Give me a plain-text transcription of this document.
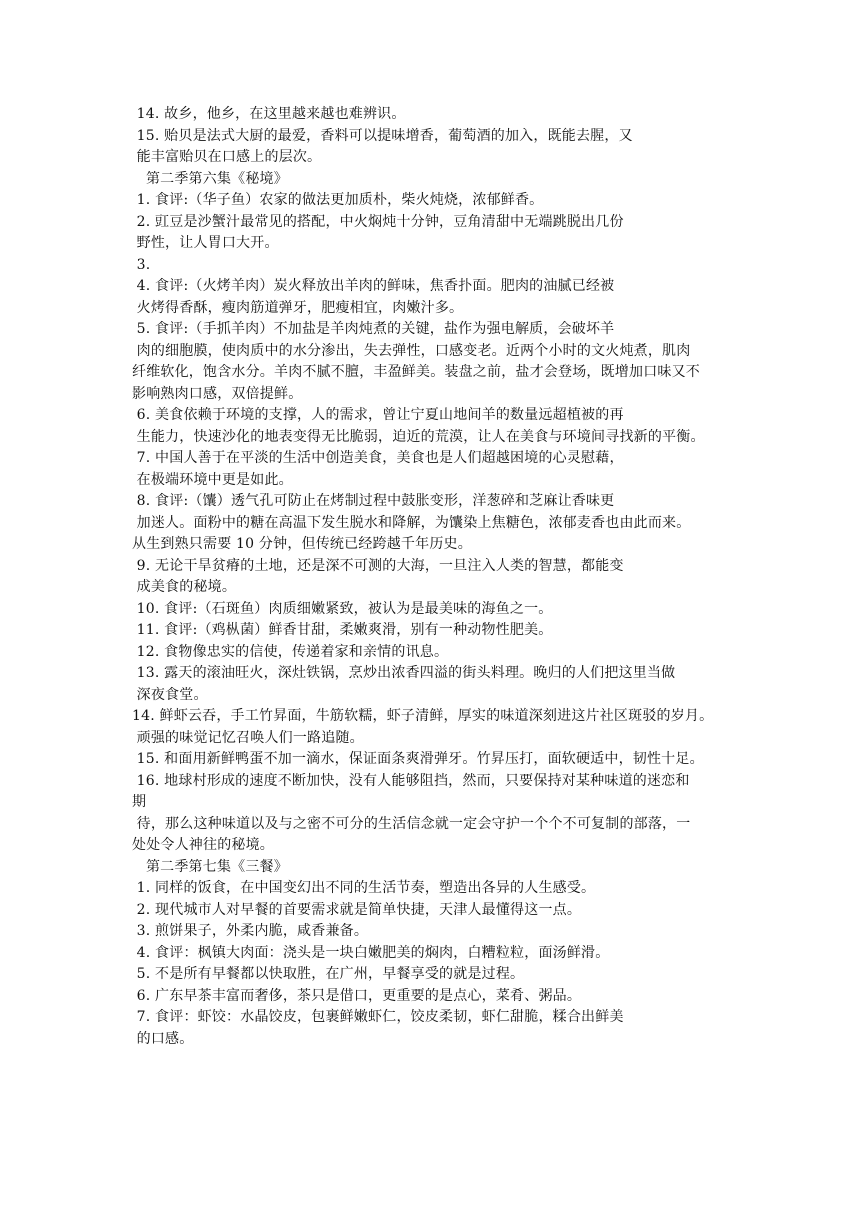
14. 故乡，他乡，在这里越来越也难辨识。
15. 贻贝是法式大厨的最爱，香料可以提味增香，葡萄酒的加入，既能去腥，又
能丰富贻贝在口感上的层次。
第二季第六集《秘境》
1. 食评:（华子鱼）农家的做法更加质朴，柴火炖烧，浓郁鲜香。
2. 豇豆是沙蟹汁最常见的搭配，中火焖炖十分钟，豆角清甜中无端跳脱出几份
野性，让人胃口大开。
3.
4. 食评:（火烤羊肉）炭火释放出羊肉的鲜味，焦香扑面。肥肉的油腻已经被
火烤得香酥，瘦肉筋道弹牙，肥瘦相宜，肉嫩汁多。
5. 食评:（手抓羊肉）不加盐是羊肉炖煮的关键，盐作为强电解质，会破坏羊
肉的细胞膜，使肉质中的水分渗出，失去弹性，口感变老。近两个小时的文火炖煮，肌肉
纤维软化，饱含水分。羊肉不腻不膻，丰盈鲜美。装盘之前，盐才会登场，既增加口味又不
影响熟肉口感，双倍提鲜。
6. 美食依赖于环境的支撑，人的需求，曾让宁夏山地间羊的数量远超植被的再
生能力，快速沙化的地表变得无比脆弱，迫近的荒漠，让人在美食与环境间寻找新的平衡。
7. 中国人善于在平淡的生活中创造美食，美食也是人们超越困境的心灵慰藉，
在极端环境中更是如此。
8. 食评:（馕）透气孔可防止在烤制过程中鼓胀变形，洋葱碎和芝麻让香味更
加迷人。面粉中的糖在高温下发生脱水和降解，为馕染上焦糖色，浓郁麦香也由此而来。
从生到熟只需要 10 分钟，但传统已经跨越千年历史。
9. 无论干旱贫瘠的土地，还是深不可测的大海，一旦注入人类的智慧，都能变
成美食的秘境。
10. 食评:（石斑鱼）肉质细嫩紧致，被认为是最美味的海鱼之一。
11. 食评:（鸡枞菌）鲜香甘甜，柔嫩爽滑，别有一种动物性肥美。
12. 食物像忠实的信使，传递着家和亲情的讯息。
13. 露天的滚油旺火，深灶铁锅，烹炒出浓香四溢的街头料理。晚归的人们把这里当做
深夜食堂。
14. 鲜虾云吞，手工竹昇面，牛筋软糯，虾子清鲜，厚实的味道深刻进这片社区斑驳的岁月。
顽强的味觉记忆召唤人们一路追随。
15. 和面用新鲜鸭蛋不加一滴水，保证面条爽滑弹牙。竹昇压打，面软硬适中，韧性十足。
16. 地球村形成的速度不断加快，没有人能够阻挡，然而，只要保持对某种味道的迷恋和
期
待，那么这种味道以及与之密不可分的生活信念就一定会守护一个个不可复制的部落，一
处处令人神往的秘境。
第二季第七集《三餐》
1. 同样的饭食，在中国变幻出不同的生活节奏，塑造出各异的人生感受。
2. 现代城市人对早餐的首要需求就是简单快捷，天津人最懂得这一点。
3. 煎饼果子，外柔内脆，咸香兼备。
4. 食评：枫镇大肉面：浇头是一块白嫩肥美的焖肉，白糟粒粒，面汤鲜滑。
5. 不是所有早餐都以快取胜，在广州，早餐享受的就是过程。
6. 广东早茶丰富而奢侈，茶只是借口，更重要的是点心，菜肴、粥品。
7. 食评：虾饺：水晶饺皮，包裹鲜嫩虾仁，饺皮柔韧，虾仁甜脆，糅合出鲜美
的口感。
